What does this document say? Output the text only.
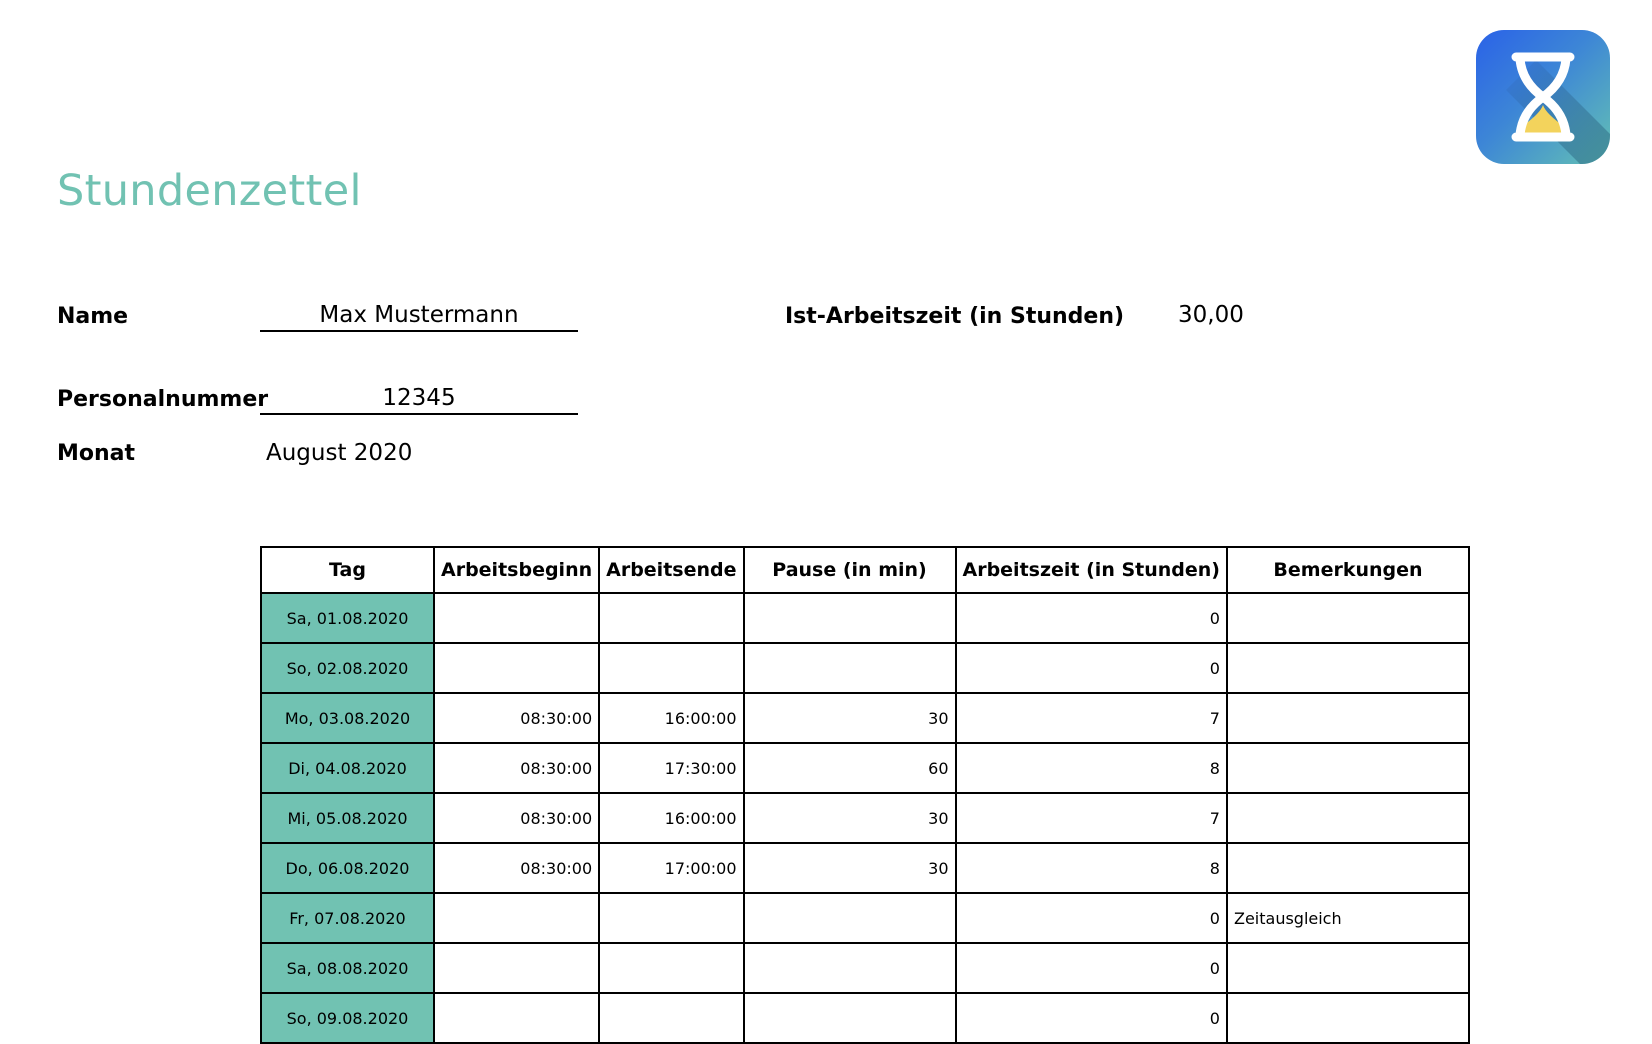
Stundenzettel
Name	Max Mustermann	Ist-Arbeitszeit (in Stunden) 30,00
Personalnummer	12345
Monat	August 2020
Tag	Arbeitsbeginn	Arbeitsende	Pause (in min)	Arbeitszeit (in Stunden)	Bemerkungen
Sa, 01.08.2020				0	
So, 02.08.2020				0	
Mo, 03.08.2020	08:30:00	16:00:00	30	7	
Di, 04.08.2020	08:30:00	17:30:00	60	8	
Mi, 05.08.2020	08:30:00	16:00:00	30	7	
Do, 06.08.2020	08:30:00	17:00:00	30	8	
Fr, 07.08.2020				0	Zeitausgleich
Sa, 08.08.2020				0	
So, 09.08.2020				0	
